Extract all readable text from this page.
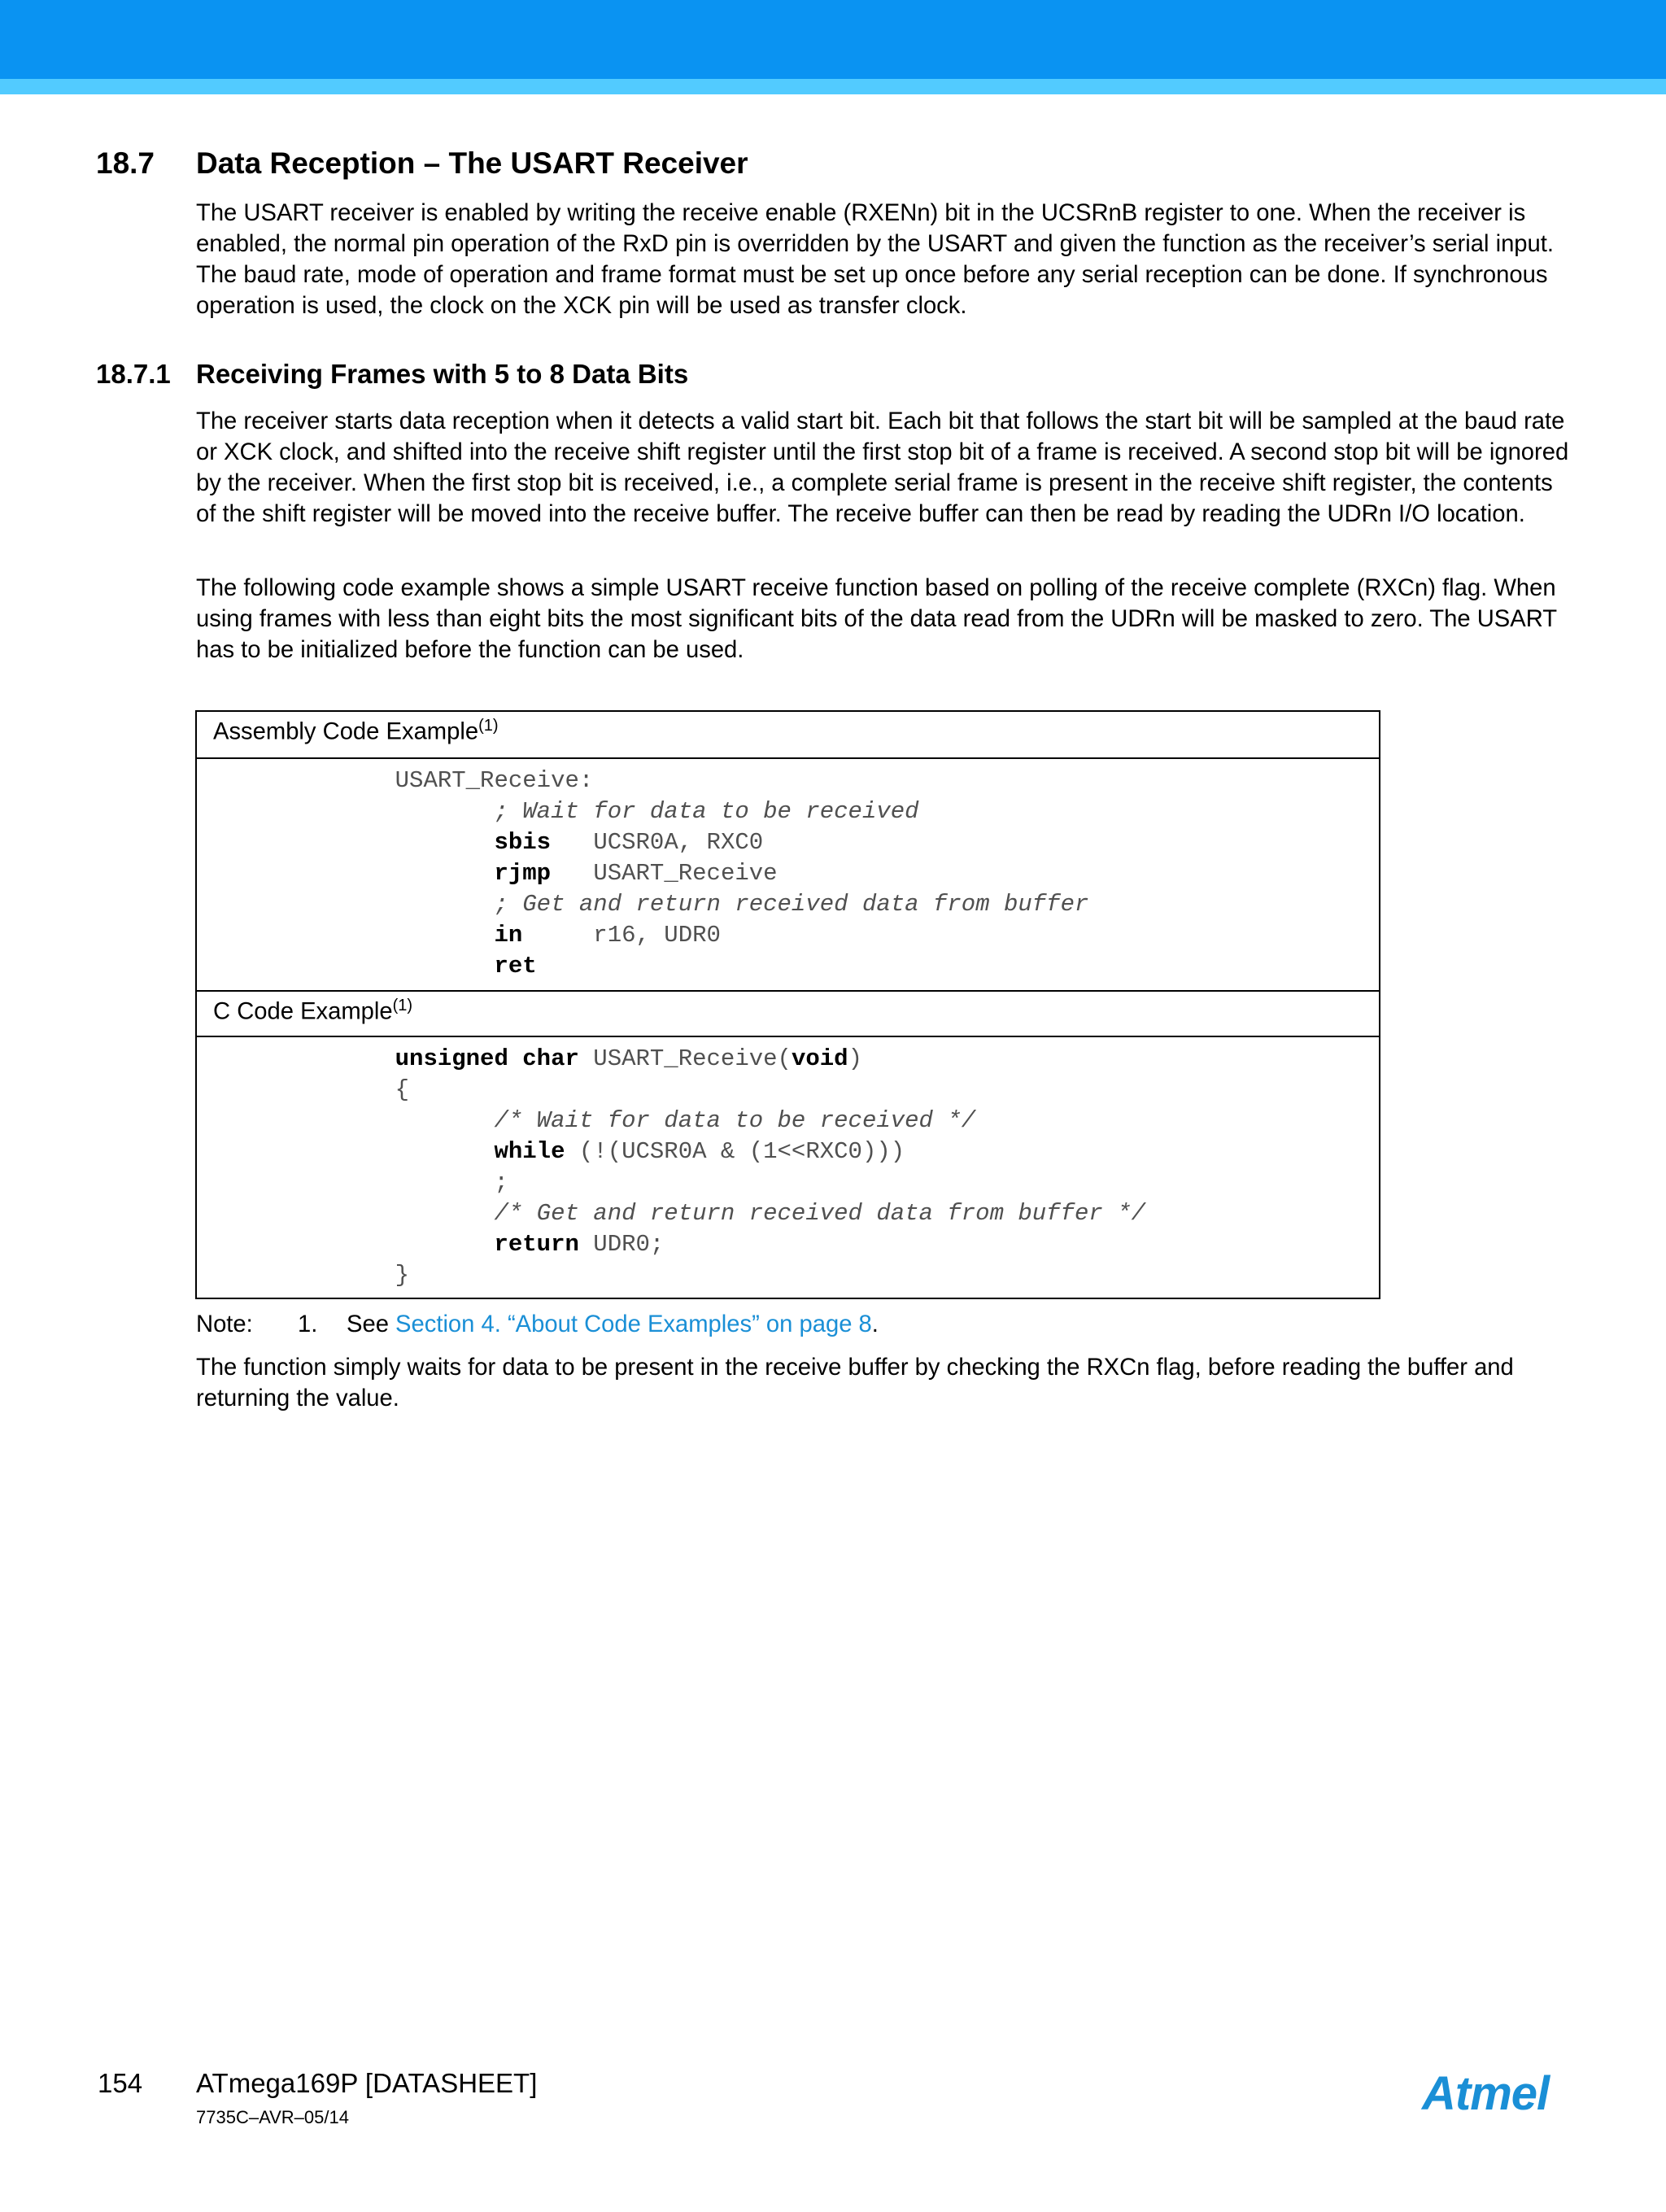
18.7 Data Reception – The USART Receiver

The USART receiver is enabled by writing the receive enable (RXENn) bit in the UCSRnB register to one. When the receiver is enabled, the normal pin operation of the RxD pin is overridden by the USART and given the function as the receiver’s serial input. The baud rate, mode of operation and frame format must be set up once before any serial reception can be done. If synchronous operation is used, the clock on the XCK pin will be used as transfer clock.

18.7.1 Receiving Frames with 5 to 8 Data Bits

The receiver starts data reception when it detects a valid start bit. Each bit that follows the start bit will be sampled at the baud rate or XCK clock, and shifted into the receive shift register until the first stop bit of a frame is received. A second stop bit will be ignored by the receiver. When the first stop bit is received, i.e., a complete serial frame is present in the receive shift register, the contents of the shift register will be moved into the receive buffer. The receive buffer can then be read by reading the UDRn I/O location.

The following code example shows a simple USART receive function based on polling of the receive complete (RXCn) flag. When using frames with less than eight bits the most significant bits of the data read from the UDRn will be masked to zero. The USART has to be initialized before the function can be used.

Assembly Code Example$^{(1)}$
USART_Receive:
; Wait for data to be received
sbis UCSR0A, RXC0
rjmp USART_Receive
; Get and return received data from buffer
in	r16, UDR0
ret
C Code Example$^{(1)}$
unsigned char USART_Receive(void)
{
/* Wait for data to be received */
while (!(UCSR0A & (1<<RXC0)))
;
/* Get and return received data from buffer */
return UDR0;
}
Note: 1. See Section 4. “About Code Examples” on page 8.

The function simply waits for data to be present in the receive buffer by checking the RXCn flag, before reading the buffer and returning the value.

154 ATmega169P [DATASHEET]
7735C–AVR–05/14	Atmel
